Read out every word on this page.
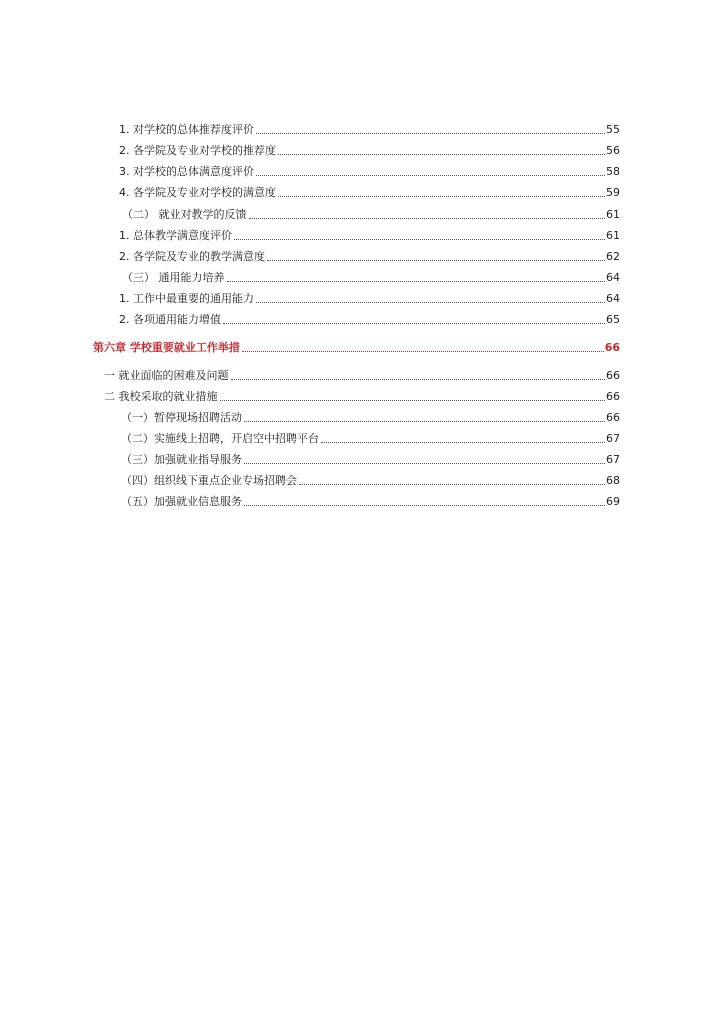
1. 对学校的总体推荐度评价	55
2. 各学院及专业对学校的推荐度	56
3. 对学校的总体满意度评价	58
4. 各学院及专业对学校的满意度	59
（二） 就业对教学的反馈	61
1. 总体教学满意度评价	61
2. 各学院及专业的教学满意度	62
（三） 通用能力培养	64
1. 工作中最重要的通用能力	64
2. 各项通用能力增值	65
第六章 学校重要就业工作举措	66
一 就业面临的困难及问题	66
二 我校采取的就业措施	66
（一）暂停现场招聘活动	66
（二）实施线上招聘，开启空中招聘平台	67
（三）加强就业指导服务	67
（四）组织线下重点企业专场招聘会	68
（五）加强就业信息服务	69
